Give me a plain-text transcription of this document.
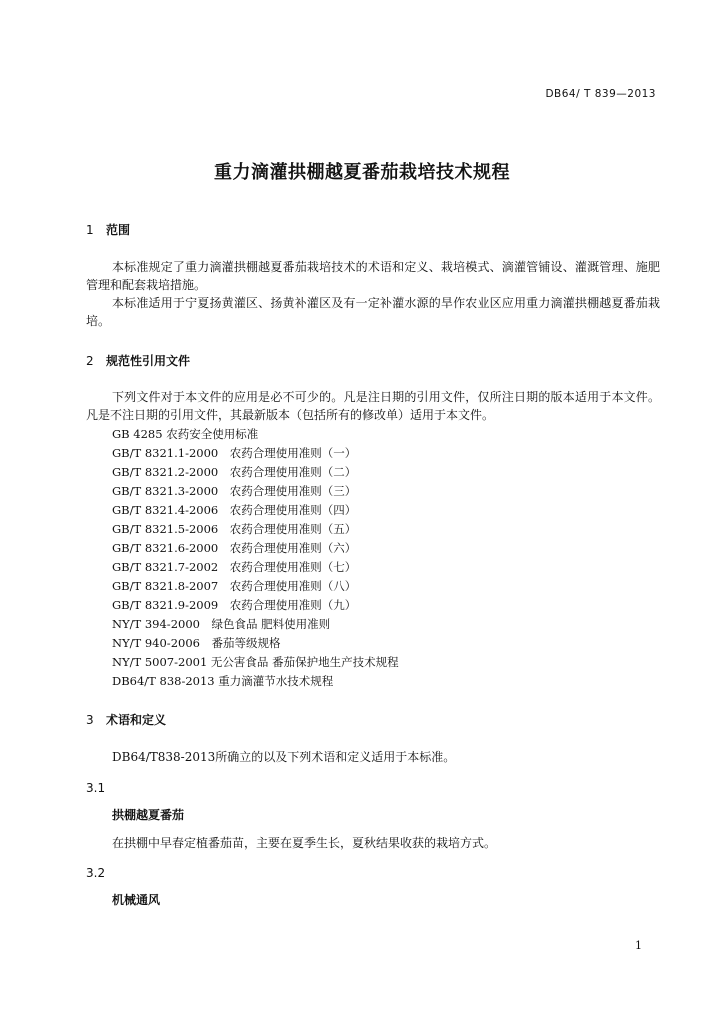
DB64/ T 839—2013
重力滴灌拱棚越夏番茄栽培技术规程
1 范围
本标准规定了重力滴灌拱棚越夏番茄栽培技术的术语和定义、栽培模式、滴灌管铺设、灌溉管理、施肥管理和配套栽培措施。
本标准适用于宁夏扬黄灌区、扬黄补灌区及有一定补灌水源的旱作农业区应用重力滴灌拱棚越夏番茄栽培。
2 规范性引用文件
下列文件对于本文件的应用是必不可少的。凡是注日期的引用文件，仅所注日期的版本适用于本文件。凡是不注日期的引用文件，其最新版本（包括所有的修改单）适用于本文件。
GB 4285 农药安全使用标准
GB/T 8321.1-2000　农药合理使用准则（一）
GB/T 8321.2-2000　农药合理使用准则（二）
GB/T 8321.3-2000　农药合理使用准则（三）
GB/T 8321.4-2006　农药合理使用准则（四）
GB/T 8321.5-2006　农药合理使用准则（五）
GB/T 8321.6-2000　农药合理使用准则（六）
GB/T 8321.7-2002　农药合理使用准则（七）
GB/T 8321.8-2007　农药合理使用准则（八）
GB/T 8321.9-2009　农药合理使用准则（九）
NY/T 394-2000　绿色食品 肥料使用准则
NY/T 940-2006　番茄等级规格
NY/T 5007-2001 无公害食品 番茄保护地生产技术规程
DB64/T 838-2013 重力滴灌节水技术规程
3 术语和定义
DB64/T838-2013所确立的以及下列术语和定义适用于本标准。
3.1
拱棚越夏番茄
在拱棚中早春定植番茄苗，主要在夏季生长，夏秋结果收获的栽培方式。
3.2
机械通风
1
